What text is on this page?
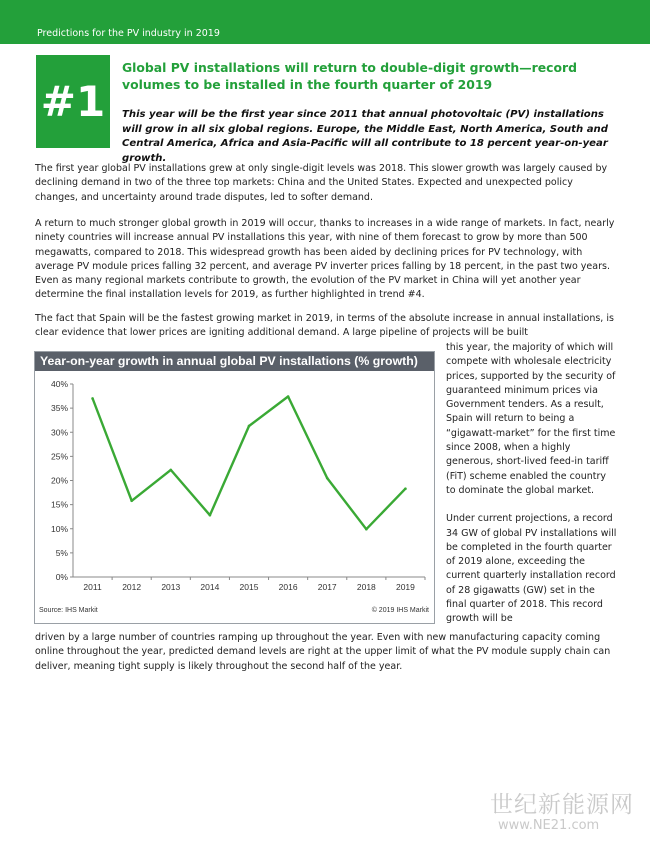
Predictions for the PV industry in 2019
#1
Global PV installations will return to double-digit growth—record volumes to be installed in the fourth quarter of 2019
This year will be the first year since 2011 that annual photovoltaic (PV) installations will grow in all six global regions. Europe, the Middle East, North America, South and Central America, Africa and Asia-Pacific will all contribute to 18 percent year-on-year growth.
The first year global PV installations grew at only single-digit levels was 2018. This slower growth was largely caused by declining demand in two of the three top markets: China and the United States. Expected and unexpected policy changes, and uncertainty around trade disputes, led to softer demand.
A return to much stronger global growth in 2019 will occur, thanks to increases in a wide range of markets. In fact, nearly ninety countries will increase annual PV installations this year, with nine of them forecast to grow by more than 500 megawatts, compared to 2018. This widespread growth has been aided by declining prices for PV technology, with average PV module prices falling 32 percent, and average PV inverter prices falling by 18 percent, in the past two years. Even as many regional markets contribute to growth, the evolution of the PV market in China will yet another year determine the final installation levels for 2019, as further highlighted in trend #4.
The fact that Spain will be the fastest growing market in 2019, in terms of the absolute increase in annual installations, is clear evidence that lower prices are igniting additional demand. A large pipeline of projects will be built
Year-on-year growth in annual global PV installations (% growth)
0%
5%
10%
15%
20%
25%
30%
35%
40%
2011 2012 2013 2014 2015 2016 2017 2018 2019
Source: IHS Markit	© 2019 IHS Markit

this year, the majority of which will compete with wholesale electricity prices, supported by the security of guaranteed minimum prices via Government tenders. As a result, Spain will return to being a “gigawatt-market” for the first time since 2008, when a highly generous, short-lived feed-in tariff (FiT) scheme enabled the country to dominate the global market.

Under current projections, a record 34 GW of global PV installations will be completed in the fourth quarter of 2019 alone, exceeding the current quarterly installation record of 28 gigawatts (GW) set in the final quarter of 2018. This record growth will be

driven by a large number of countries ramping up throughout the year. Even with new manufacturing capacity coming online throughout the year, predicted demand levels are right at the upper limit of what the PV module supply chain can deliver, meaning tight supply is likely throughout the second half of the year.
世纪新能源网
www.NE21.com
